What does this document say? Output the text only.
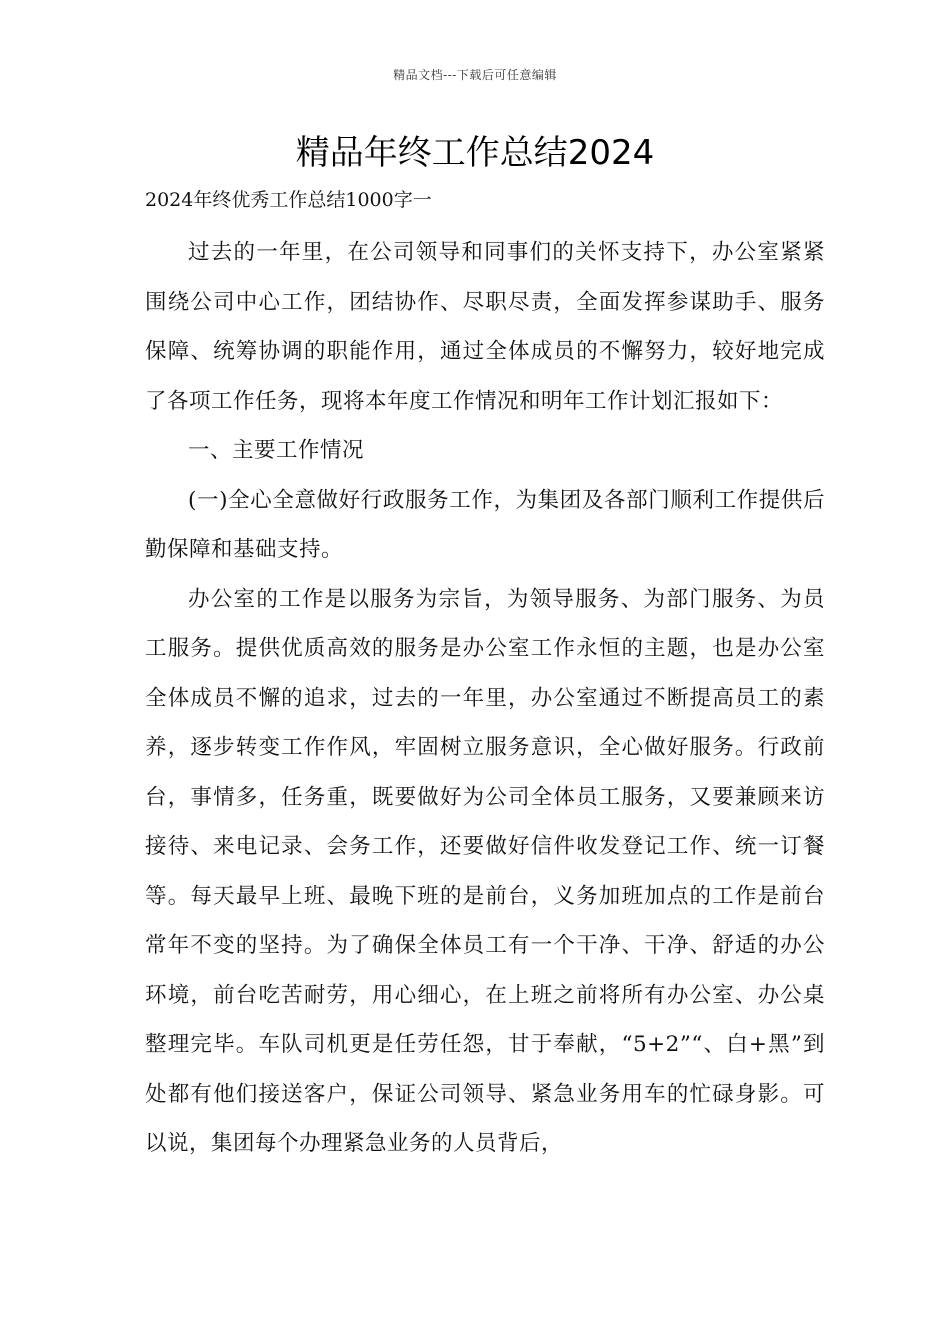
精品文档---下载后可任意编辑
精品年终工作总结2024
2024年终优秀工作总结1000字一

过去的一年里，在公司领导和同事们的关怀支持下，办公室紧紧围绕公司中心工作，团结协作、尽职尽责，全面发挥参谋助手、服务保障、统筹协调的职能作用，通过全体成员的不懈努力，较好地完成了各项工作任务，现将本年度工作情况和明年工作计划汇报如下：

一、主要工作情况

(一)全心全意做好行政服务工作，为集团及各部门顺利工作提供后勤保障和基础支持。

办公室的工作是以服务为宗旨，为领导服务、为部门服务、为员工服务。提供优质高效的服务是办公室工作永恒的主题，也是办公室全体成员不懈的追求，过去的一年里，办公室通过不断提高员工的素养，逐步转变工作作风，牢固树立服务意识，全心做好服务。行政前台，事情多，任务重，既要做好为公司全体员工服务，又要兼顾来访接待、来电记录、会务工作，还要做好信件收发登记工作、统一订餐等。每天最早上班、最晚下班的是前台，义务加班加点的工作是前台常年不变的坚持。为了确保全体员工有一个干净、干净、舒适的办公环境，前台吃苦耐劳，用心细心，在上班之前将所有办公室、办公桌整理完毕。车队司机更是任劳任怨，甘于奉献，“5+2”“、白+黑”到处都有他们接送客户，保证公司领导、紧急业务用车的忙碌身影。可以说，集团每个办理紧急业务的人员背后，
